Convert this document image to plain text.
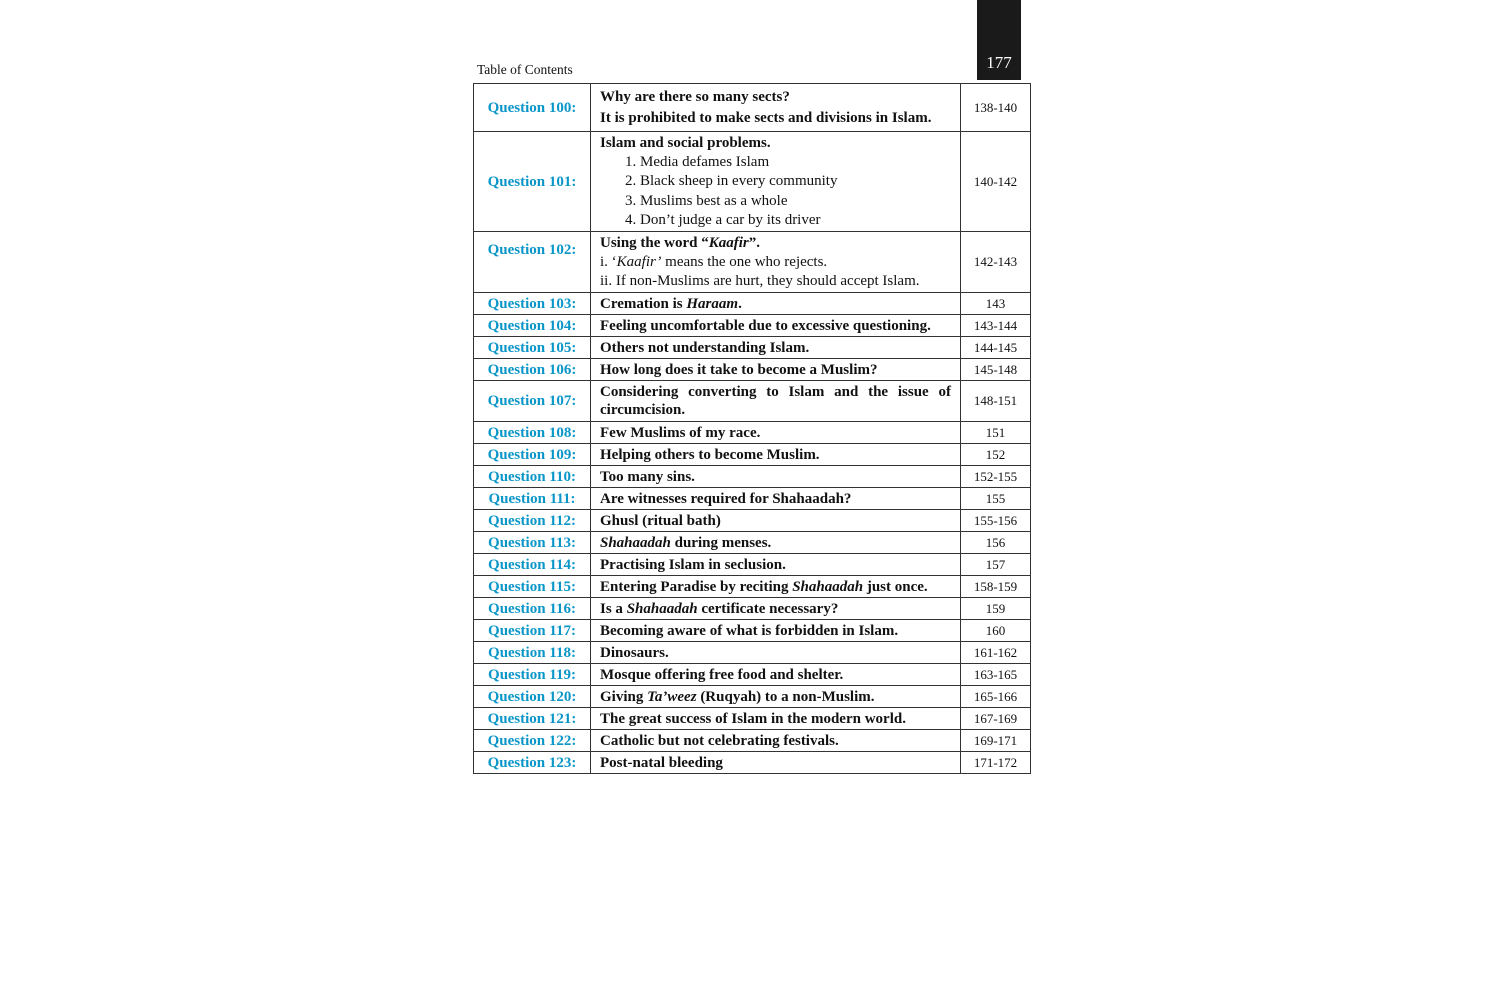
177
Table of Contents
Question 100:	Why are there so many sects?
It is prohibited to make sects and divisions in Islam.	138-140
Question 101:	Islam and social problems.
1. Media defames Islam
2. Black sheep in every community
3. Muslims best as a whole
4. Don’t judge a car by its driver	140-142
Question 102:	Using the word “Kaafir”.
i. ‘Kaafir’ means the one who rejects.
ii. If non-Muslims are hurt, they should accept Islam.	142-143
Question 103:	Cremation is Haraam.	143
Question 104:	Feeling uncomfortable due to excessive questioning.	143-144
Question 105:	Others not understanding Islam.	144-145
Question 106:	How long does it take to become a Muslim?	145-148
Question 107:	Considering converting to Islam and the issue of
circumcision.	148-151
Question 108:	Few Muslims of my race.	151
Question 109:	Helping others to become Muslim.	152
Question 110:	Too many sins.	152-155
Question 111:	Are witnesses required for Shahaadah?	155
Question 112:	Ghusl (ritual bath)	155-156
Question 113:	Shahaadah during menses.	156
Question 114:	Practising Islam in seclusion.	157
Question 115:	Entering Paradise by reciting Shahaadah just once.	158-159
Question 116:	Is a Shahaadah certificate necessary?	159
Question 117:	Becoming aware of what is forbidden in Islam.	160
Question 118:	Dinosaurs.	161-162
Question 119:	Mosque offering free food and shelter.	163-165
Question 120:	Giving Ta’weez (Ruqyah) to a non-Muslim.	165-166
Question 121:	The great success of Islam in the modern world.	167-169
Question 122:	Catholic but not celebrating festivals.	169-171
Question 123:	Post-natal bleeding	171-172
